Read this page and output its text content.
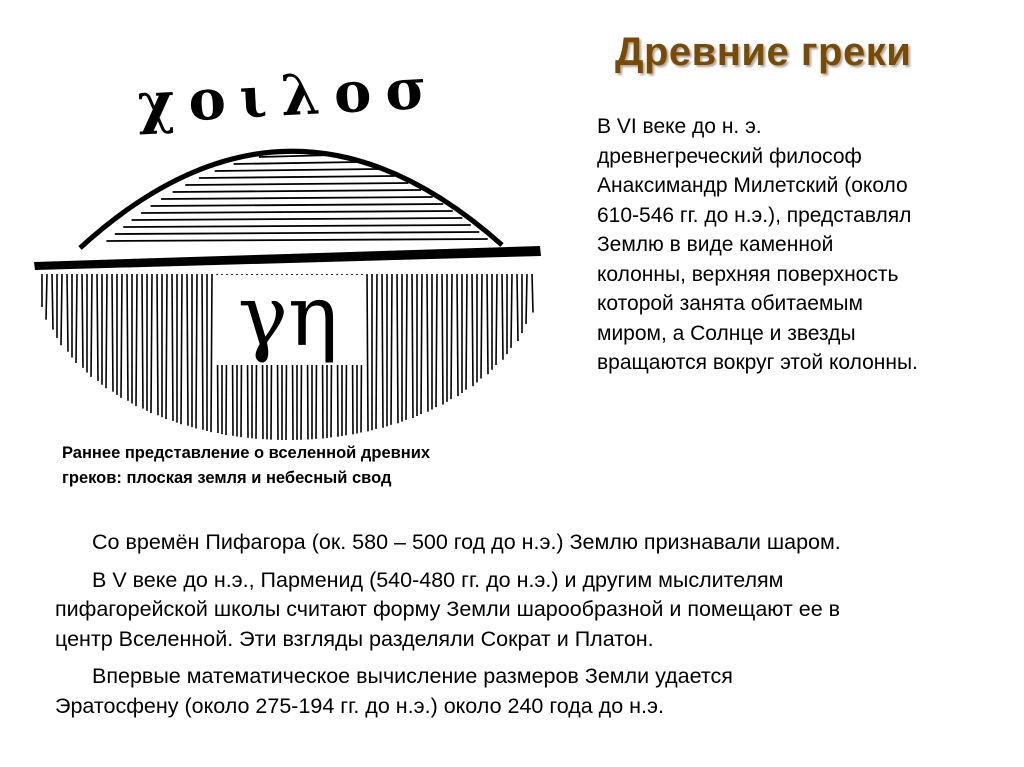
Древние греки
χοιλοσ
γη
Раннее представление о вселенной древних
греков: плоская земля и небесный свод
В VI веке до н. э.
древнегреческий философ
Анаксимандр Милетский (около
610-546 гг. до н.э.), представлял
Землю в виде каменной
колонны, верхняя поверхность
которой занята обитаемым
миром, а Солнце и звезды
вращаются вокруг этой колонны.
Со времён Пифагора (ок. 580 – 500 год до н.э.) Землю признавали шаром.
В V веке до н.э., Парменид (540-480 гг. до н.э.) и другим мыслителям
пифагорейской школы считают форму Земли шарообразной и помещают ее в
центр Вселенной. Эти взгляды разделяли Сократ и Платон.
Впервые математическое вычисление размеров Земли удается
Эратосфену (около 275-194 гг. до н.э.) около 240 года до н.э.
